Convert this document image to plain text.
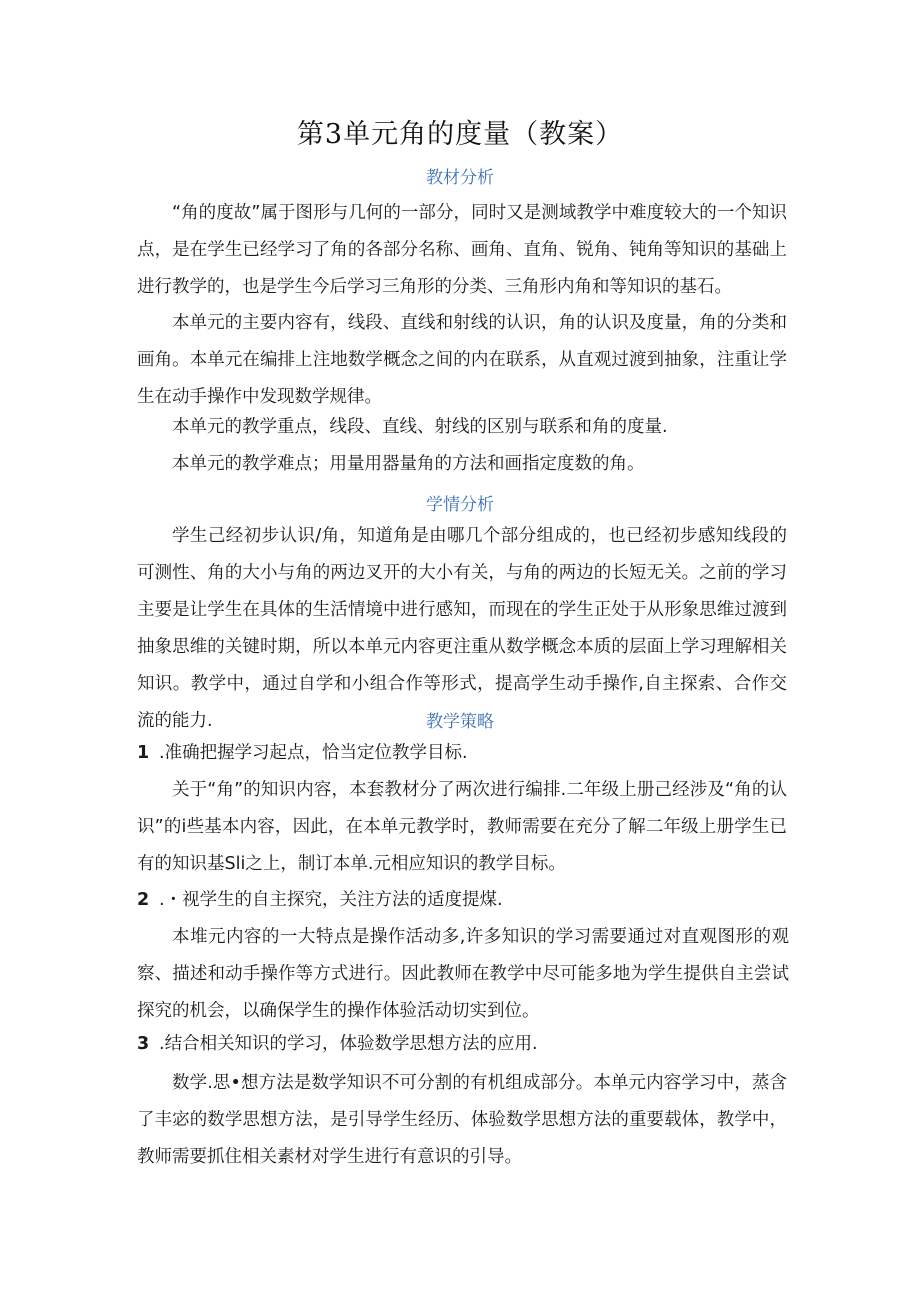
第3单元角的度量（教案）
教材分析

“角的度故”属于图形与几何的一部分，同时又是测域教学中难度较大的一个知识点，是在学生已经学习了角的各部分名称、画角、直角、锐角、钝角等知识的基础上进行教学的，也是学生今后学习三角形的分类、三角形内角和等知识的基石。

本单元的主要内容有，线段、直线和射线的认识，角的认识及度量，角的分类和画角。本单元在编排上注地数学概念之间的内在联系，从直观过渡到抽象，注重让学生在动手操作中发现数学规律。

本单元的教学重点，线段、直线、射线的区别与联系和角的度量.

本单元的教学难点；用量用器量角的方法和画指定度数的角。

学情分析

学生己经初步认识/角，知道角是由哪几个部分组成的，也已经初步感知线段的可测性、角的大小与角的两边叉开的大小有关，与角的两边的长短无关。之前的学习主要是让学生在具体的生活情境中进行感知，而现在的学生正处于从形象思维过渡到抽象思维的关键时期，所以本单元内容更注重从数学概念本质的层面上学习理解相关知识。教学中，通过自学和小组合作等形式，提高学生动手操作,自主探索、合作交流的能力.	教学策略

1 .准确把握学习起点，恰当定位教学目标.

关于“角”的知识内容，本套教材分了两次进行编排.二年级上册己经涉及“角的认识”的i些基本内容，因此，在本单元教学时，教师需要在充分了解二年级上册学生已有的知识基Sli之上，制订本单.元相应知识的教学目标。

2 .・视学生的自主探究，关注方法的适度提煤.

本堆元内容的一大特点是操作活动多,许多知识的学习需要通过对直观图形的观察、描述和动手操作等方式进行。因此教师在教学中尽可能多地为学生提供自主尝试探究的机会，以确保学生的操作体验活动切实到位。

3 .结合相关知识的学习，体验数学思想方法的应用.

数学.思•想方法是数学知识不可分割的有机组成部分。本单元内容学习中，蒸含了丰宓的数学思想方法，是引导学生经历、体验数学思想方法的重要载体，教学中，教师需要抓住相关素材对学生进行有意识的引导。
